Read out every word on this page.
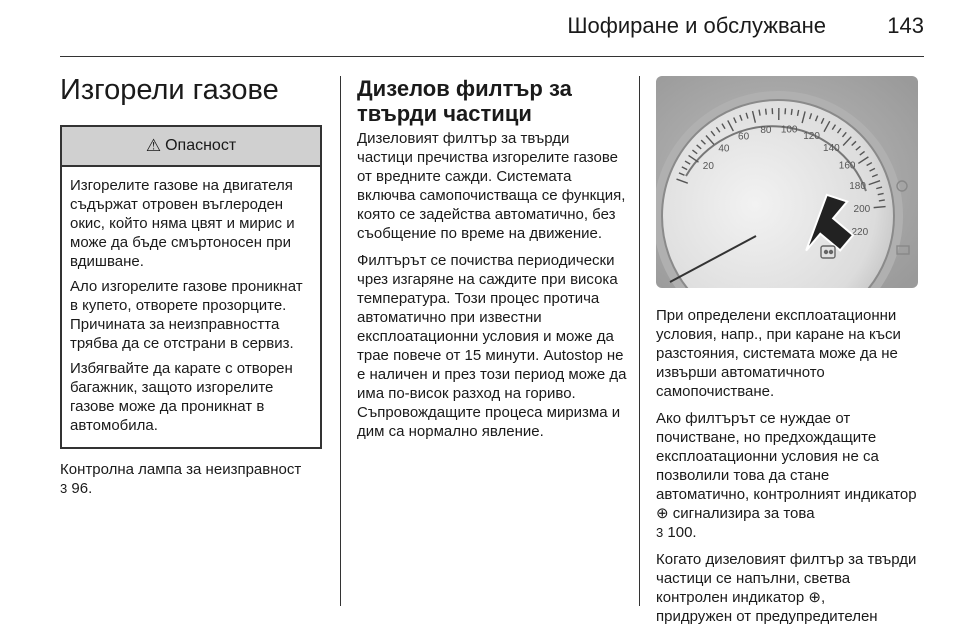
Шофиране и обслужване	143
Изгорели газове
⚠ Опасност

Изгорелите газове на двигателя съдържат отровен въглероден окис, който няма цвят и мирис и може да бъде смъртоносен при вдишване.

Ало изгорелите газове проникнат в купето, отворете прозорците. Причината за неизправността трябва да се отстрани в сервиз.

Избягвайте да карате с отворен багажник, защото изгорелите газове може да проникнат в автомобила.

Контролна лампа за неизправност
3 96.

Дизелов филтър за твърди частици

Дизеловият филтър за твърди частици пречиства изгорелите газове от вредните сажди. Системата включва самопочистваща се функция, която се задейства автоматично, без съобщение по време на движение.

Филтърът се почиства периодически чрез изгаряне на саждите при висока температура. Този процес протича автоматично при известни експлоатационни условия и може да трае повече от 15 минути. Autostop не е наличен и през този период може да има по-висок разход на гориво. Съпровождащите процеса миризма и дим са нормално явление.

20
40
60
80 100
120
140
160
180
200
220

При определени експлоатационни условия, напр., при каране на къси разстояния, системата може да не извърши автоматичното самопочистване.

Ако филтърът се нуждае от почистване, но предхождащите експлоатационни условия не са позволили това да стане автоматично, контролният индикатор ⊕ сигнализира за това
3 100.

Когато дизеловият филтър за твърди частици се напълни, светва контролен индикатор ⊕,
придружен от предупредителен
